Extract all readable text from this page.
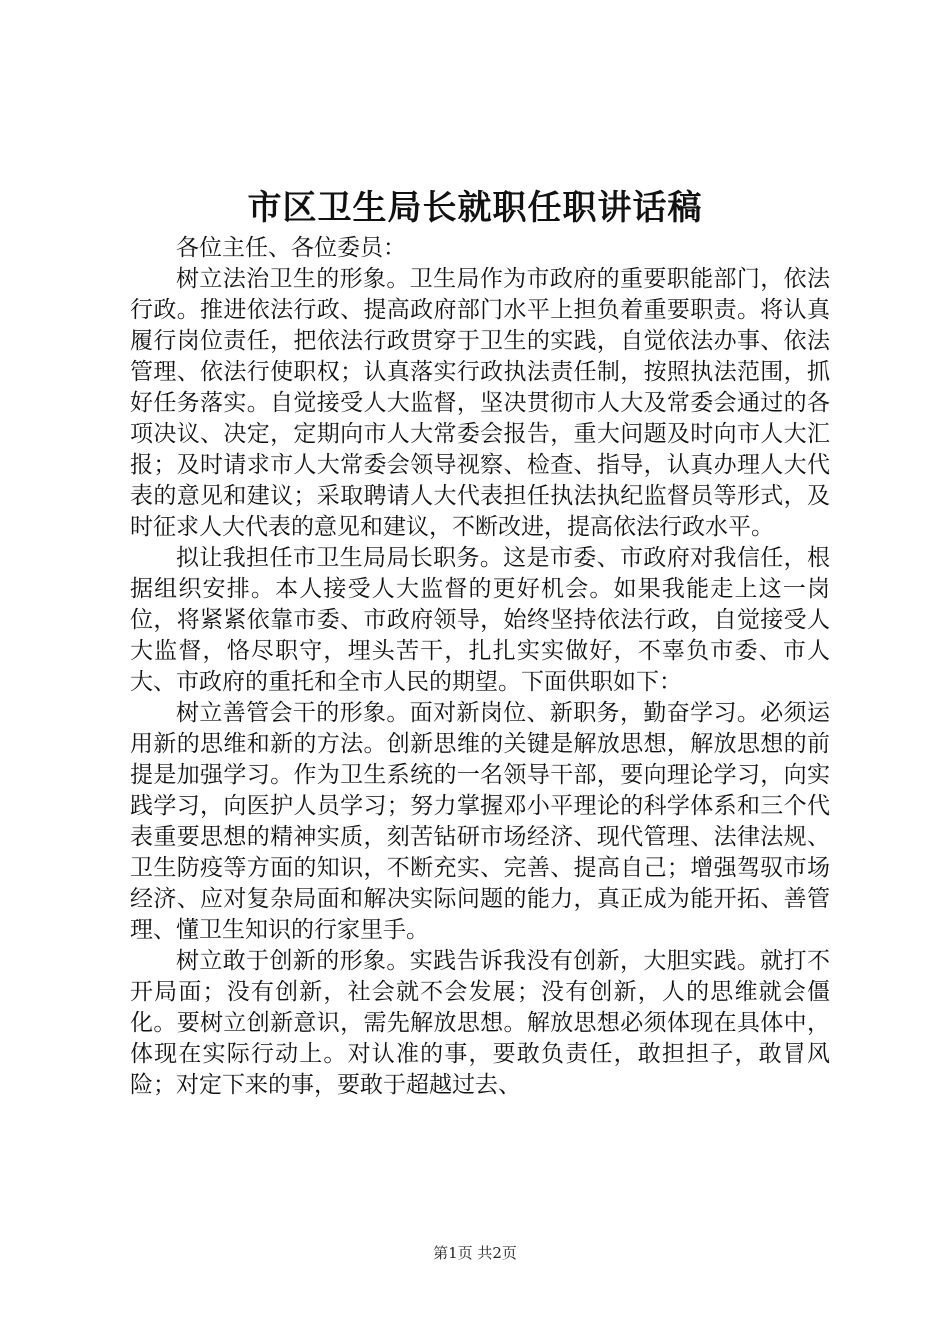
市区卫生局长就职任职讲话稿

各位主任、各位委员：

树立法治卫生的形象。卫生局作为市政府的重要职能部门，依法行政。推进依法行政、提高政府部门水平上担负着重要职责。将认真履行岗位责任，把依法行政贯穿于卫生的实践，自觉依法办事、依法管理、依法行使职权；认真落实行政执法责任制，按照执法范围，抓好任务落实。自觉接受人大监督，坚决贯彻市人大及常委会通过的各项决议、决定，定期向市人大常委会报告，重大问题及时向市人大汇报；及时请求市人大常委会领导视察、检查、指导，认真办理人大代表的意见和建议；采取聘请人大代表担任执法执纪监督员等形式，及时征求人大代表的意见和建议，不断改进，提高依法行政水平。

拟让我担任市卫生局局长职务。这是市委、市政府对我信任，根据组织安排。本人接受人大监督的更好机会。如果我能走上这一岗位，将紧紧依靠市委、市政府领导，始终坚持依法行政，自觉接受人大监督，恪尽职守，埋头苦干，扎扎实实做好，不辜负市委、市人大、市政府的重托和全市人民的期望。下面供职如下：

树立善管会干的形象。面对新岗位、新职务，勤奋学习。必须运用新的思维和新的方法。创新思维的关键是解放思想，解放思想的前提是加强学习。作为卫生系统的一名领导干部，要向理论学习，向实践学习，向医护人员学习；努力掌握邓小平理论的科学体系和三个代表重要思想的精神实质，刻苦钻研市场经济、现代管理、法律法规、卫生防疫等方面的知识，不断充实、完善、提高自己；增强驾驭市场经济、应对复杂局面和解决实际问题的能力，真正成为能开拓、善管理、懂卫生知识的行家里手。

树立敢于创新的形象。实践告诉我没有创新，大胆实践。就打不开局面；没有创新，社会就不会发展；没有创新，人的思维就会僵化。要树立创新意识，需先解放思想。解放思想必须体现在具体中，体现在实际行动上。对认准的事，要敢负责任，敢担担子，敢冒风险；对定下来的事，要敢于超越过去、

第1页 共2页
